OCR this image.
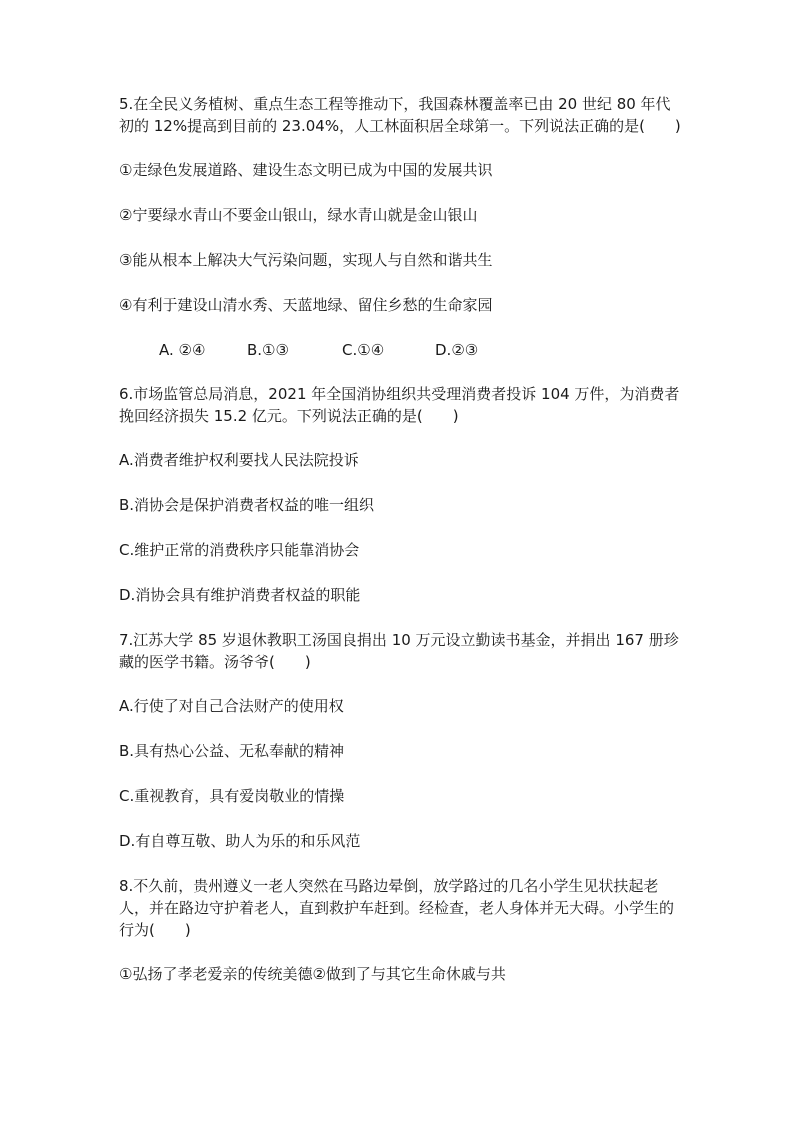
5.在全民义务植树、重点生态工程等推动下，我国森林覆盖率已由 20 世纪 80 年代初的 12%提高到目前的 23.04%，人工林面积居全球第一。下列说法正确的是(　　)

①走绿色发展道路、建设生态文明已成为中国的发展共识

②宁要绿水青山不要金山银山，绿水青山就是金山银山

③能从根本上解决大气污染问题，实现人与自然和谐共生

④有利于建设山清水秀、天蓝地绿、留住乡愁的生命家园

A. ②④	B.①③	C.①④	D.②③

6.市场监管总局消息，2021 年全国消协组织共受理消费者投诉 104 万件，为消费者挽回经济损失 15.2 亿元。下列说法正确的是(　　)

A.消费者维护权利要找人民法院投诉

B.消协会是保护消费者权益的唯一组织

C.维护正常的消费秩序只能靠消协会

D.消协会具有维护消费者权益的职能

7.江苏大学 85 岁退休教职工汤国良捐出 10 万元设立勤读书基金，并捐出 167 册珍藏的医学书籍。汤爷爷(　　)

A.行使了对自己合法财产的使用权

B.具有热心公益、无私奉献的精神

C.重视教育，具有爱岗敬业的情操

D.有自尊互敬、助人为乐的和乐风范

8.不久前，贵州遵义一老人突然在马路边晕倒，放学路过的几名小学生见状扶起老人，并在路边守护着老人，直到救护车赶到。经检查，老人身体并无大碍。小学生的行为(　　)

①弘扬了孝老爱亲的传统美德②做到了与其它生命休戚与共
